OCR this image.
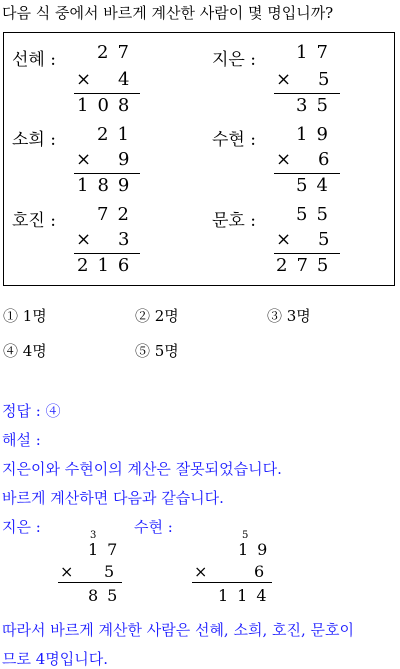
다음 식 중에서 바르게 계산한 사람이 몇 명입니까?
선혜 : 27
× 4
108
지은 : 17
× 5
35
소희 : 21
× 9
189
수현 : 19
× 6
54
호진 : 72
× 3
216
문호 : 55
× 5
275
① 1명	② 2명	③ 3명
④ 4명	⑤ 5명
정답 : ④
해설 :
지은이와 수현이의 계산은 잘못되었습니다.
바르게 계산하면 다음과 같습니다.
지은 :	3
17
× 5
85
수현 :	5
19
×	6
114
따라서 바르게 계산한 사람은 선혜, 소희, 호진, 문호이
므로 4명입니다.
